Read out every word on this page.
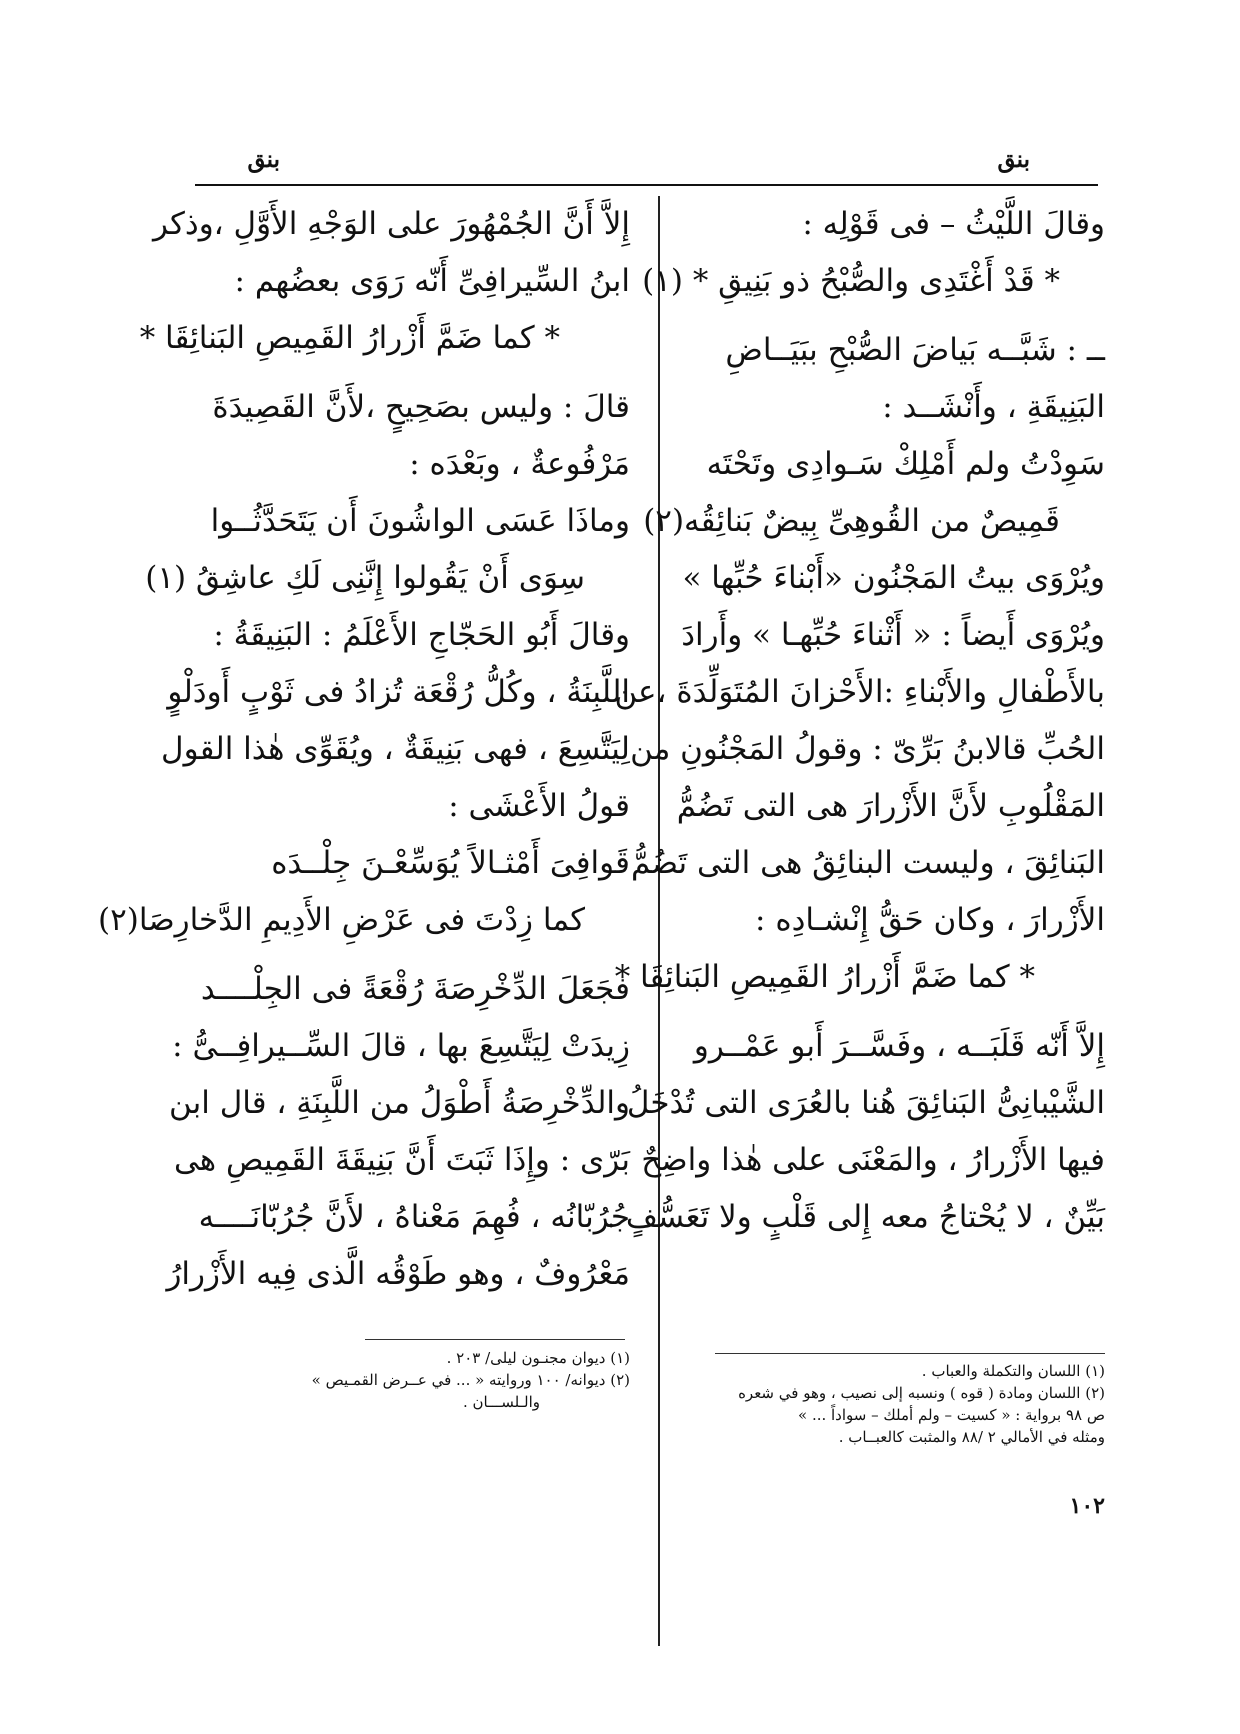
بنق
بنق
وقالَ اللَّيْثُ – فى قَوْلِه :
* قَدْ أَغْتَدِى والصُّبْحُ ذو بَنِيقِ * (١)
ــ : شَبَّــه بَياضَ الصُّبْحِ ببَيَــاضِ
البَنِيقَةِ ، وأَنْشَــد :
سَوِدْتُ ولم أَمْلِكْ سَـوادِى وتَحْتَه
قَمِيصٌ من القُوهِىِّ بِيضٌ بَنائِقُه(٢)
ويُرْوَى بيتُ المَجْنُون «أَبْناءَ حُبِّها »
ويُرْوَى أَيضاً : « أَثْناءَ حُبِّهـا » وأَرادَ
بالأَطْفالِ والأَبْناءِ :الأَحْزانَ المُتَوَلِّدَةَ ،عن
الحُبِّ قالابنُ بَرِّىّ : وقولُ المَجْنُونِ من
المَقْلُوبِ لأَنَّ الأَزْرارَ هى التى تَضُمُّ
البَنائِقَ ، وليست البنائِقُ هى التى تَضُمُّ
الأَزْرارَ ، وكان حَقُّ إِنْشـادِه :
* كما ضَمَّ أَزْرارُ القَمِيصِ البَنائِقَا *
إِلاَّ أَنّه قَلَبَــه ، وفَسَّــرَ أَبو عَمْــرو
الشَّيْبانِىُّ البَنائِقَ هُنا بالعُرَى التى تُدْخَلُ
فيها الأَزْرارُ ، والمَعْنَى على هٰذا واضِحٌ
بَيِّنٌ ، لا يُحْتاجُ معه إِلى قَلْبٍ ولا تَعَسُّفٍ .
إِلاَّ أَنَّ الجُمْهُورَ على الوَجْهِ الأَوَّلِ ،وذكر
ابنُ السِّيرافِىِّ أَنّه رَوَى بعضُهم :
* كما ضَمَّ أَزْرارُ القَمِيصِ البَنائِقَا *
قالَ : وليس بصَحِيحٍ ،لأَنَّ القَصِيدَةَ
مَرْفُوعةٌ ، وبَعْدَه :
وماذَا عَسَى الواشُونَ أَن يَتَحَدَّثُــوا
سِوَى أَنْ يَقُولوا إِنَّنِى لَكِ عاشِقُ (١)
وقالَ أَبُو الحَجّاجِ الأَعْلَمُ : البَنِيقَةُ :
اللَّبِنَةُ ، وكُلُّ رُقْعَة تُزادُ فى ثَوْبٍ أَودَلْوٍ
لِيَتَّسِعَ ، فهى بَنِيقَةٌ ، ويُقَوِّى هٰذا القول
قولُ الأَعْشَى :
قَوافِىَ أَمْثـالاً يُوَسِّعْـنَ جِلْــدَه
كما زِدْتَ فى عَرْضِ الأَدِيمِ الدَّخارِصَا(٢)
فجَعَلَ الدِّخْرِصَةَ رُقْعَةً فى الجِلْــــد
زِيدَتْ لِيَتَّسِعَ بها ، قالَ السِّــيرافِــىُّ :
والدِّخْرِصَةُ أَطْوَلُ من اللَّبِنَةِ ، قال ابن
بَرّى : وإِذَا ثَبَتَ أَنَّ بَنِيقَةَ القَمِيصِ هى
جُرُبّانُه ، فُهِمَ مَعْناهُ ، لأَنَّ جُرُبّانَــــه
مَعْرُوفٌ ، وهو طَوْقُه الَّذى فِيه الأَزْرارُ
(١) اللسان والتكملة والعباب .
(٢) اللسان ومادة ( قوه ) ونسبه إلى نصيب ، وهو في شعره
ص ٩٨ برواية : « كسيت – ولم أملك – سواداً ... »
ومثله في الأمالي ٢ /٨٨ والمثبت كالعبــاب .
(١) ديوان مجنـون ليلى/ ٢٠٣ .
(٢) ديوانه/ ١٠٠ وروايته « ... في عــرض القمـيص »
والـلســـان .
١٠٢
